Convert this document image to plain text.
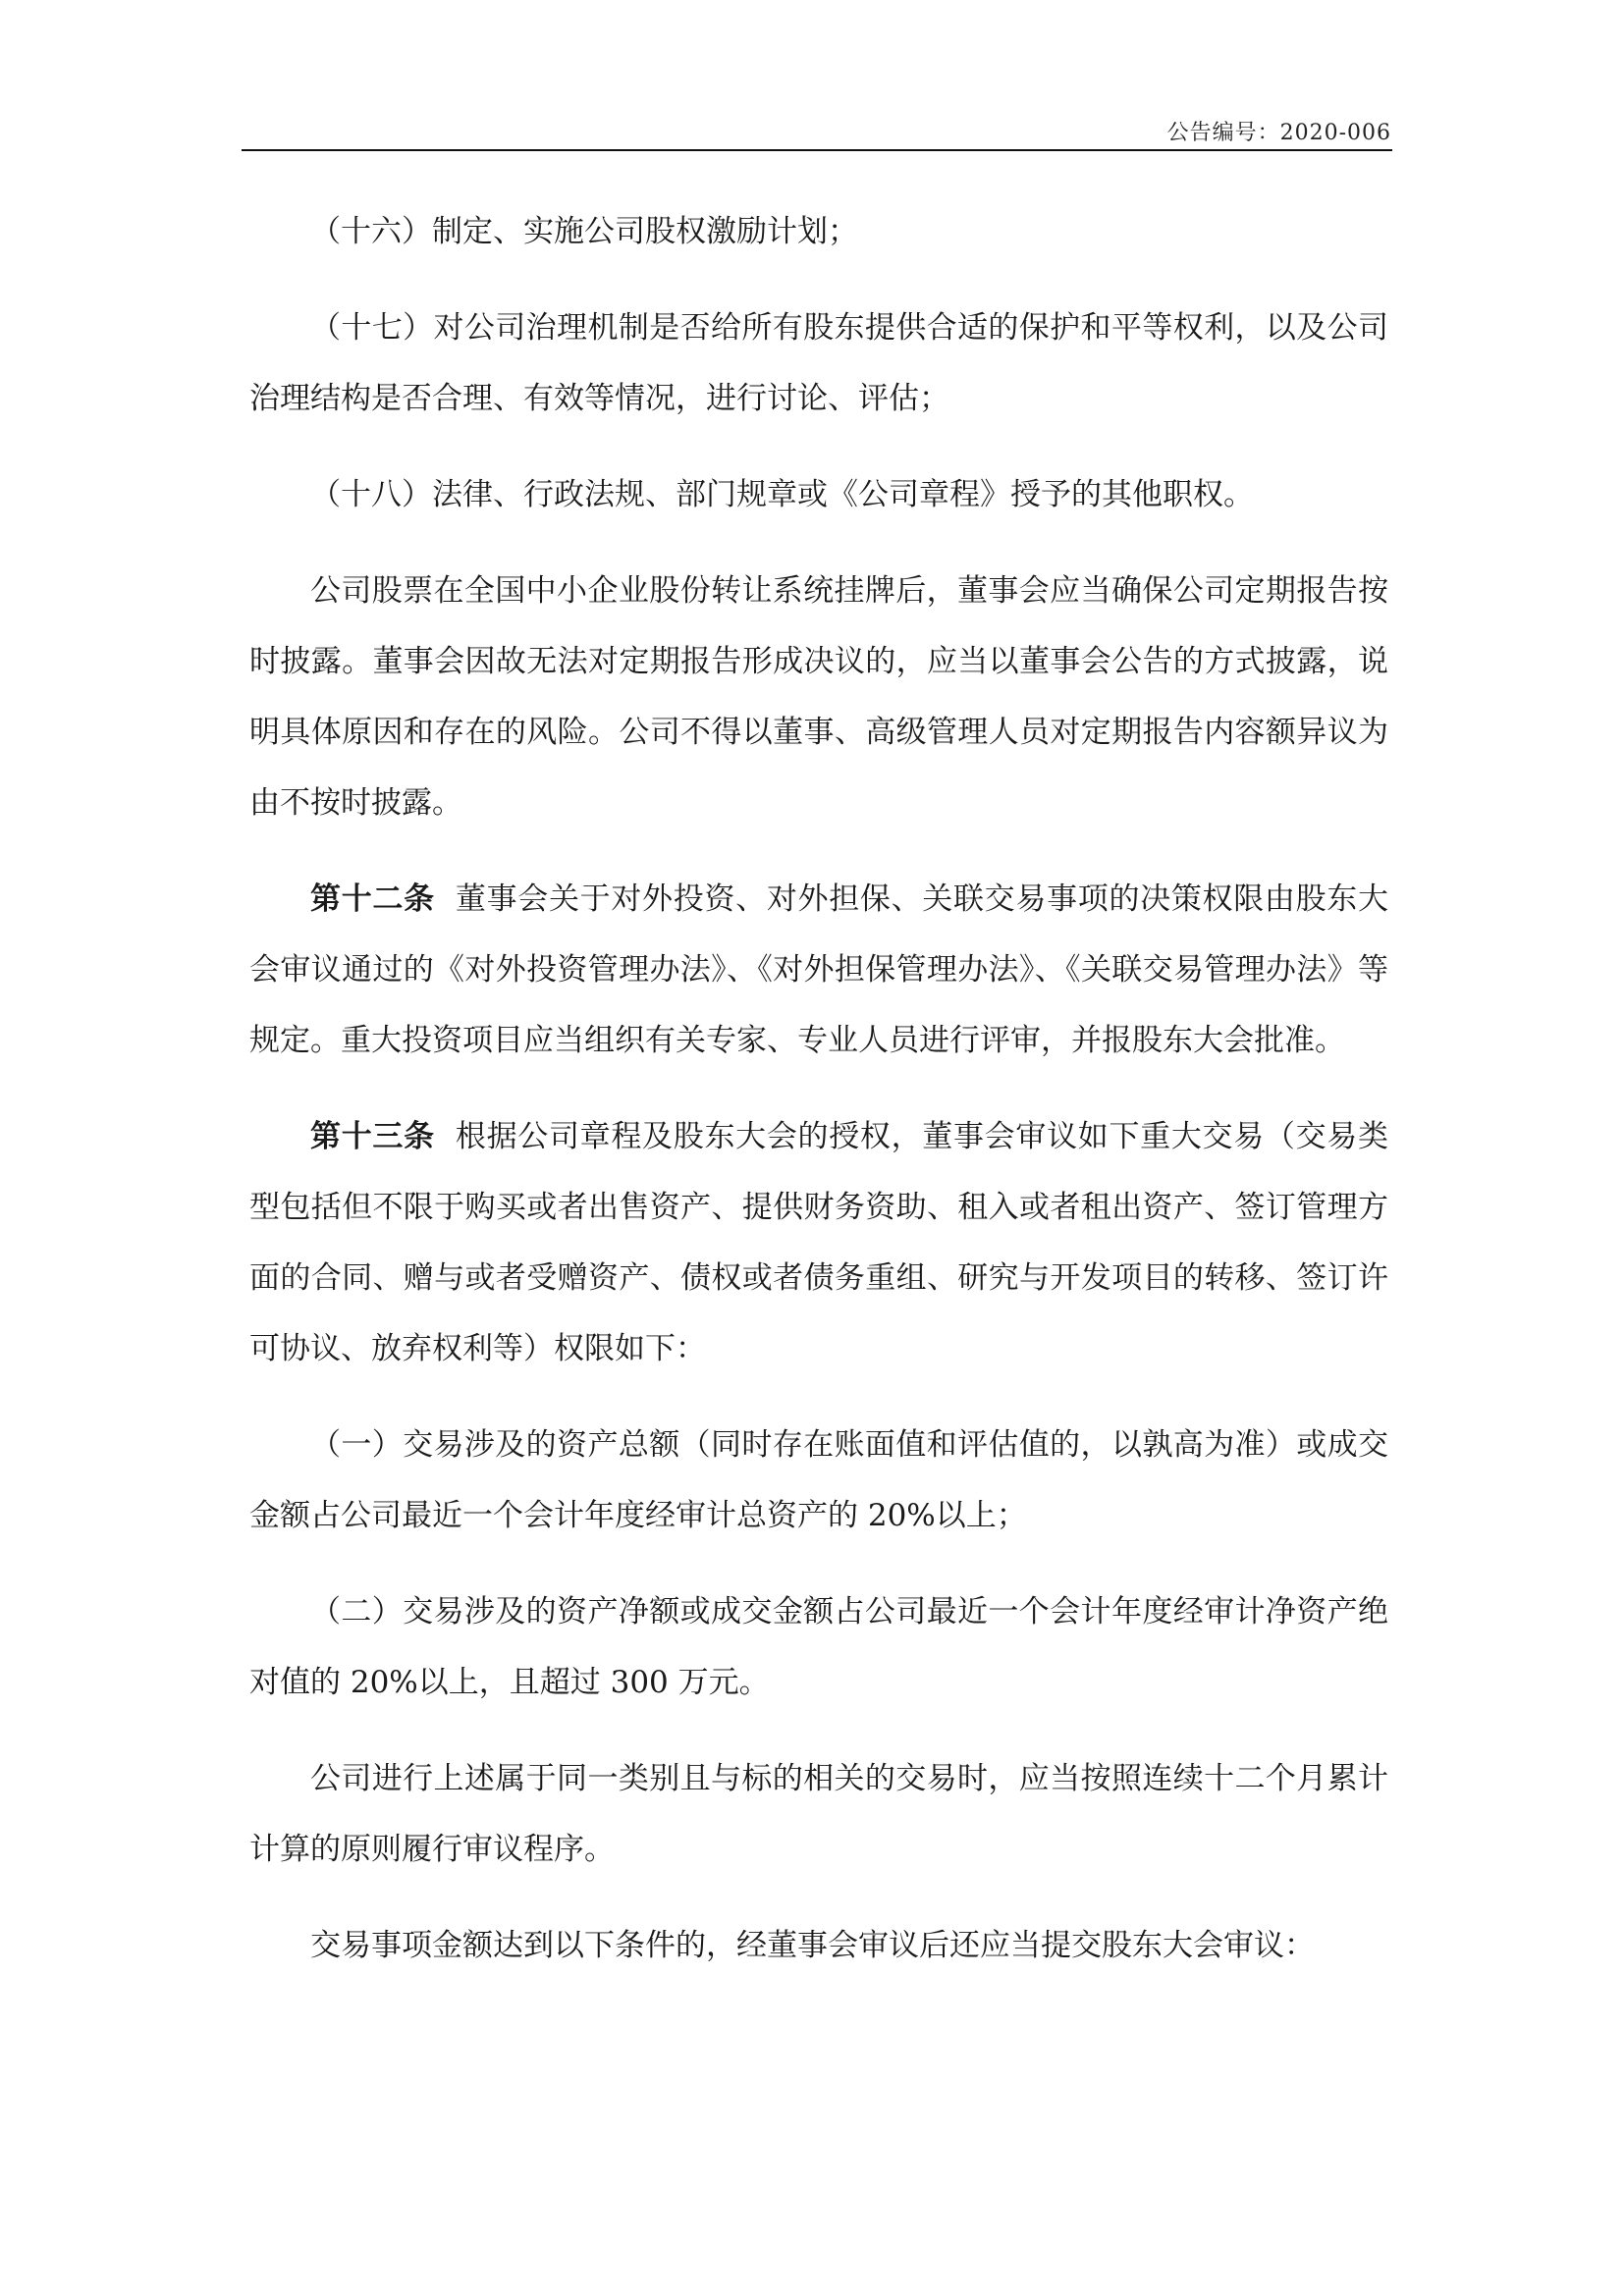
公告编号：2020-006

（十六）制定、实施公司股权激励计划；

（十七）对公司治理机制是否给所有股东提供合适的保护和平等权利，以及公司治理结构是否合理、有效等情况，进行讨论、评估；

（十八）法律、行政法规、部门规章或《公司章程》授予的其他职权。

公司股票在全国中小企业股份转让系统挂牌后，董事会应当确保公司定期报告按时披露。董事会因故无法对定期报告形成决议的，应当以董事会公告的方式披露，说明具体原因和存在的风险。公司不得以董事、高级管理人员对定期报告内容额异议为由不按时披露。

第十二条 董事会关于对外投资、对外担保、关联交易事项的决策权限由股东大会审议通过的《对外投资管理办法》、《对外担保管理办法》、《关联交易管理办法》等规定。重大投资项目应当组织有关专家、专业人员进行评审，并报股东大会批准。

第十三条 根据公司章程及股东大会的授权，董事会审议如下重大交易（交易类型包括但不限于购买或者出售资产、提供财务资助、租入或者租出资产、签订管理方面的合同、赠与或者受赠资产、债权或者债务重组、研究与开发项目的转移、签订许可协议、放弃权利等）权限如下：

（一）交易涉及的资产总额（同时存在账面值和评估值的，以孰高为准）或成交金额占公司最近一个会计年度经审计总资产的 20%以上；

（二）交易涉及的资产净额或成交金额占公司最近一个会计年度经审计净资产绝对值的 20%以上，且超过 300 万元。

公司进行上述属于同一类别且与标的相关的交易时，应当按照连续十二个月累计计算的原则履行审议程序。

交易事项金额达到以下条件的，经董事会审议后还应当提交股东大会审议：
